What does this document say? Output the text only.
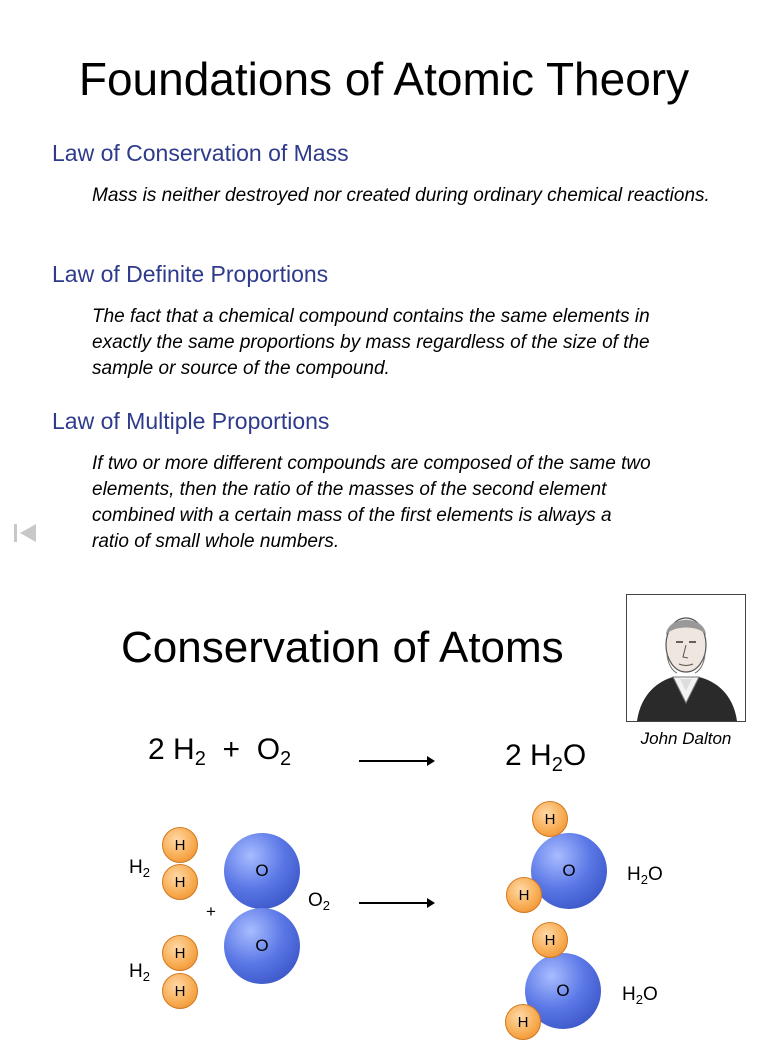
Foundations of Atomic Theory
Law of Conservation of Mass
Mass is neither destroyed nor created during ordinary chemical reactions.
Law of Definite Proportions
The fact that a chemical compound contains the same elements in exactly the same proportions by mass regardless of the size of the sample or source of the compound.
Law of Multiple Proportions
If two or more different compounds are composed of the same two elements, then the ratio of the masses of the second element combined with a certain mass of the first elements is always a ratio of small whole numbers.
Conservation of Atoms
John Dalton
2 $H_2 + O_2$	2 $H_2O$
$H_2$
H
H
O
O
+
$O_2$
$H_2$
H
H
O
H
H
$H_2O$
O
H
H
$H_2O$
